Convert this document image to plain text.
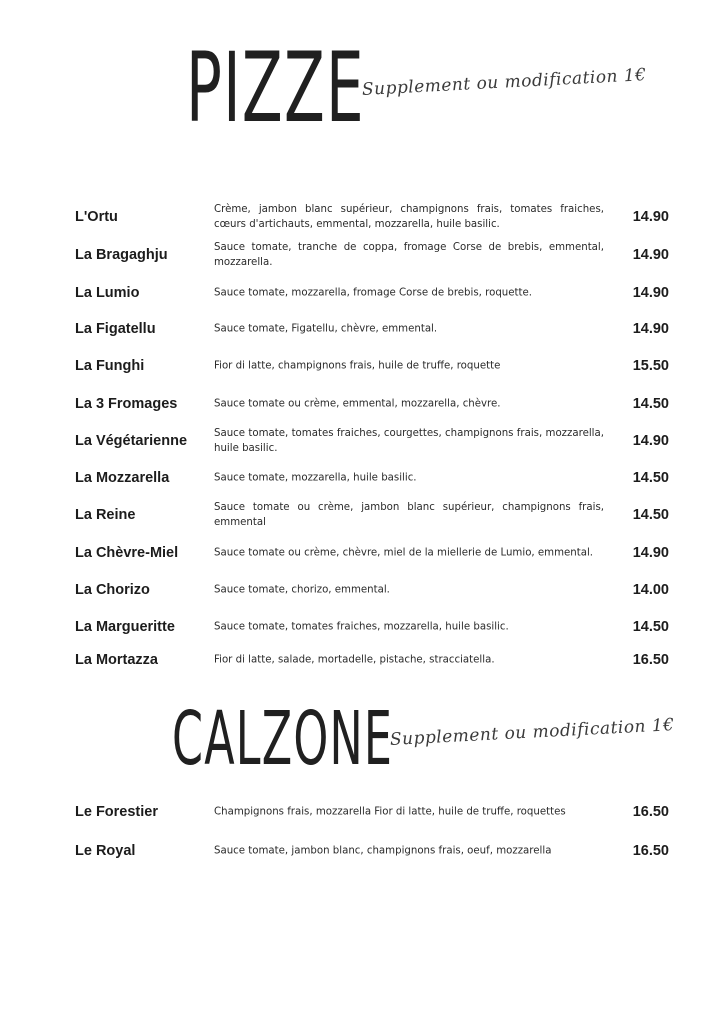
PIZZE
Supplement ou modification 1€
L'Ortu	Crème, jambon blanc supérieur, champignons frais, tomates fraiches, cœurs d'artichauts, emmental, mozzarella, huile basilic.	14.90
La Bragaghju	Sauce tomate, tranche de coppa, fromage Corse de brebis, emmental, mozzarella.	14.90
La Lumio	Sauce tomate, mozzarella, fromage Corse de brebis, roquette.	14.90
La Figatellu	Sauce tomate, Figatellu, chèvre, emmental.	14.90
La Funghi	Fior di latte, champignons frais, huile de truffe, roquette	15.50
La 3 Fromages	Sauce tomate ou crème, emmental, mozzarella, chèvre.	14.50
La Végétarienne	Sauce tomate, tomates fraiches, courgettes, champignons frais, mozzarella, huile basilic.	14.90
La Mozzarella	Sauce tomate, mozzarella, huile basilic.	14.50
La Reine	Sauce tomate ou crème, jambon blanc supérieur, champignons frais, emmental	14.50
La Chèvre-Miel	Sauce tomate ou crème, chèvre, miel de la miellerie de Lumio, emmental.	14.90
La Chorizo	Sauce tomate, chorizo, emmental.	14.00
La Margueritte	Sauce tomate, tomates fraiches, mozzarella, huile basilic.	14.50
La Mortazza	Fior di latte, salade, mortadelle, pistache, stracciatella.	16.50
CALZONE
Supplement ou modification 1€
Le Forestier	Champignons frais, mozzarella Fior di latte, huile de truffe, roquettes	16.50
Le Royal	Sauce tomate, jambon blanc, champignons frais, oeuf, mozzarella	16.50
